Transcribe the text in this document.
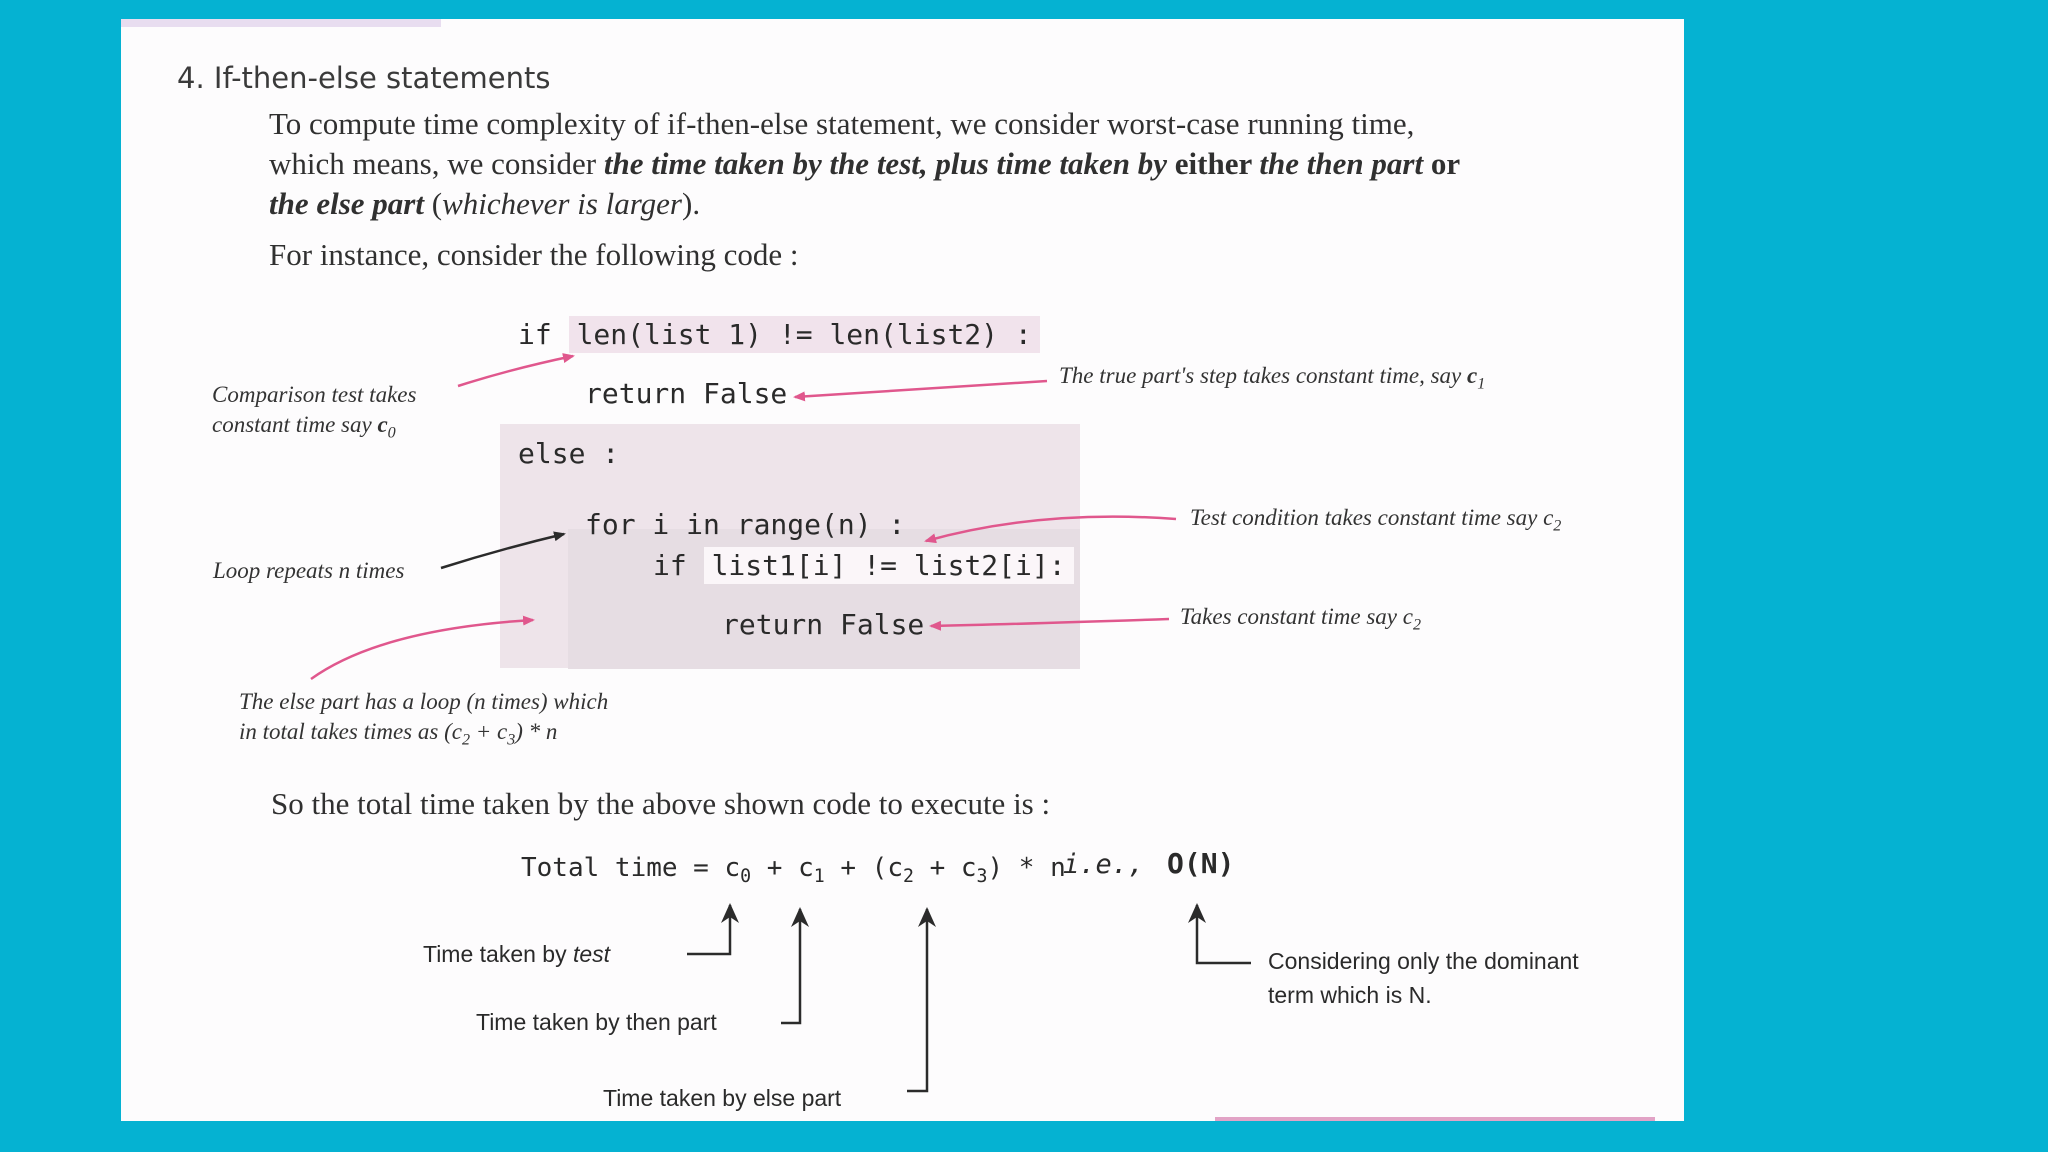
4. If-then-else statements
To compute time complexity of if-then-else statement, we consider worst-case running time,
which means, we consider the time taken by the test, plus time taken by either the then part or
the else part (whichever is larger).
For instance, consider the following code :
if len(list 1) != len(list2) :
return False
else :
for i in range(n) :
if list1[i] != list2[i]:
return False
Comparison test takes
constant time say $c_0$
The true part's step takes constant time, say $c_1$
Loop repeats n times
Test condition takes constant time say $c_2$
Takes constant time say $c_2$
The else part has a loop (n times) which
in total takes times as $(c_2 + c_3) * n$
So the total time taken by the above shown code to execute is :
Total time = $c_0 + c_1 + (c_2 + c_3) * n$
i.e., O(N)
Time taken by test
Time taken by then part
Time taken by else part
Considering only the dominant
term which is N.
